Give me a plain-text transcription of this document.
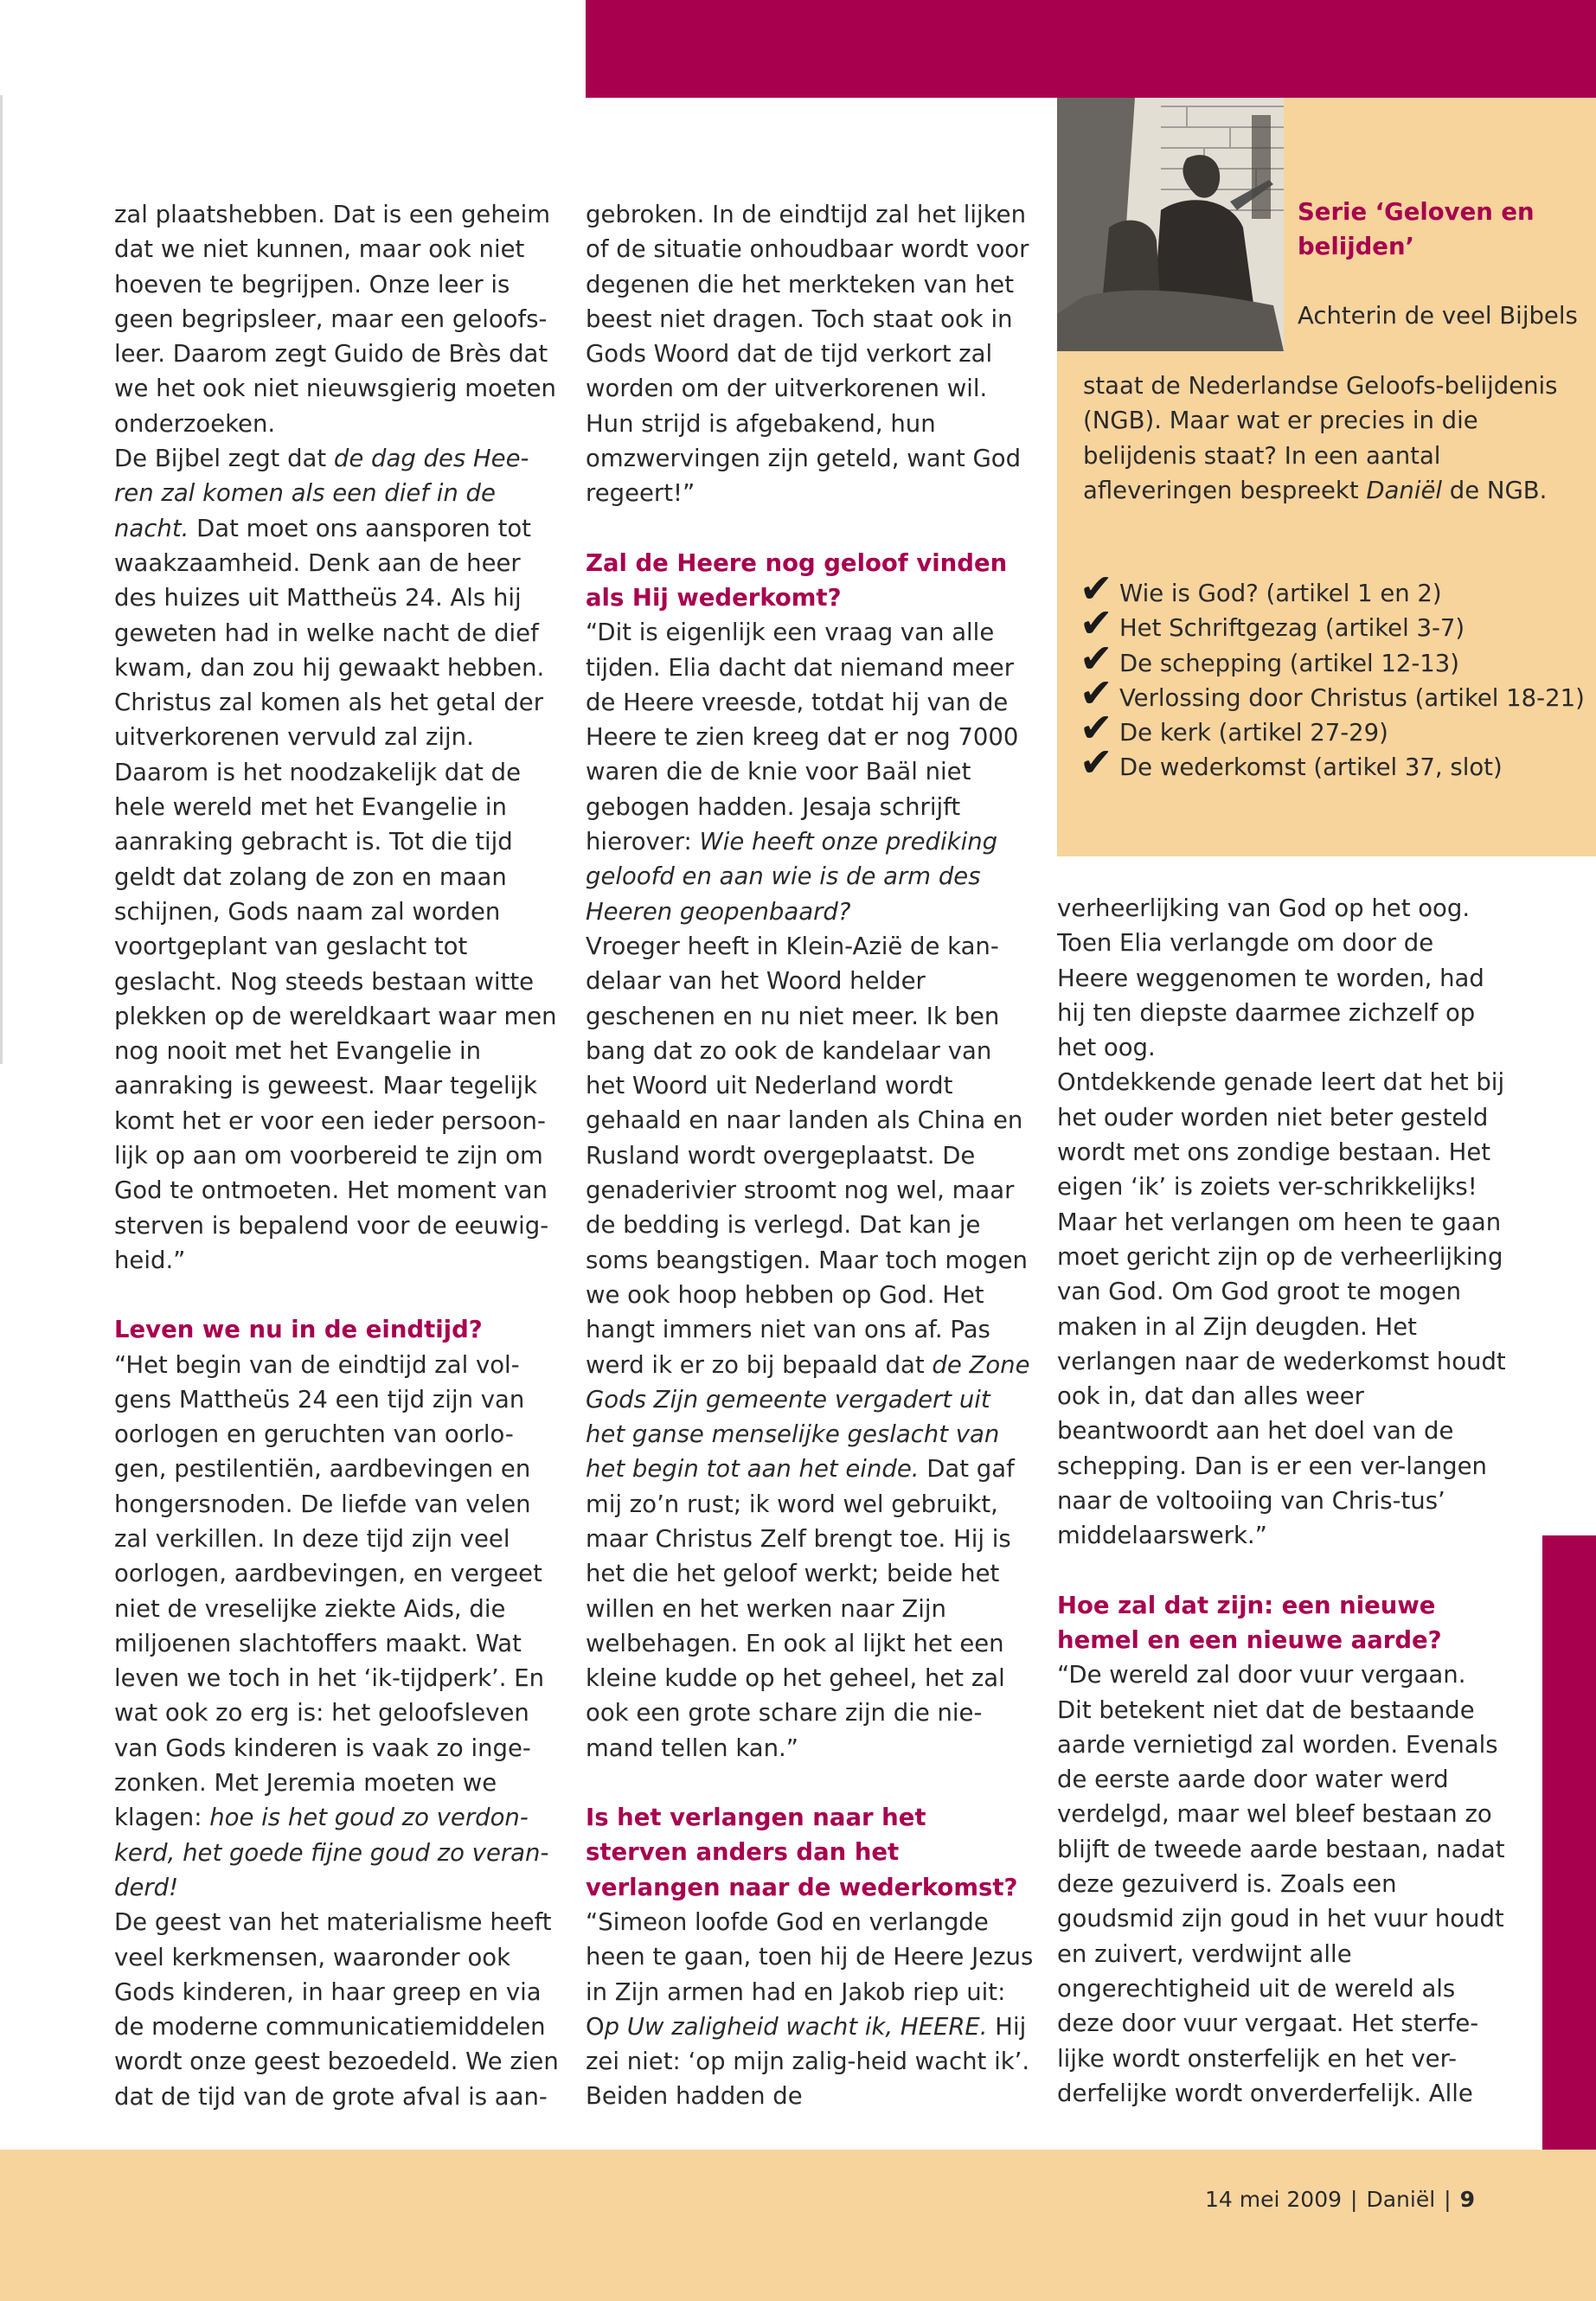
zal plaatshebben. Dat is een geheim dat we niet kunnen, maar ook niet hoeven te begrijpen. Onze leer is geen begripsleer, maar een geloofs-leer. Daarom zegt Guido de Brès dat we het ook niet nieuwsgierig moeten onderzoeken.

De Bijbel zegt dat de dag des Hee-ren zal komen als een dief in de nacht. Dat moet ons aansporen tot waakzaamheid. Denk aan de heer des huizes uit Mattheüs 24. Als hij geweten had in welke nacht de dief kwam, dan zou hij gewaakt hebben. Christus zal komen als het getal der uitverkorenen vervuld zal zijn. Daarom is het noodzakelijk dat de hele wereld met het Evangelie in aanraking gebracht is. Tot die tijd geldt dat zolang de zon en maan schijnen, Gods naam zal worden voortgeplant van geslacht tot geslacht. Nog steeds bestaan witte plekken op de wereldkaart waar men nog nooit met het Evangelie in aanraking is geweest. Maar tegelijk komt het er voor een ieder persoon-lijk op aan om voorbereid te zijn om God te ontmoeten. Het moment van sterven is bepalend voor de eeuwig-heid.”

Leven we nu in de eindtijd?

“Het begin van de eindtijd zal vol-gens Mattheüs 24 een tijd zijn van oorlogen en geruchten van oorlo-gen, pestilentiën, aardbevingen en hongersnoden. De liefde van velen zal verkillen. In deze tijd zijn veel oorlogen, aardbevingen, en vergeet niet de vreselijke ziekte Aids, die miljoenen slachtoffers maakt. Wat leven we toch in het ‘ik-tijdperk’. En wat ook zo erg is: het geloofsleven van Gods kinderen is vaak zo inge-zonken. Met Jeremia moeten we klagen: hoe is het goud zo verdon-kerd, het goede fijne goud zo veran-derd!

De geest van het materialisme heeft veel kerkmensen, waaronder ook Gods kinderen, in haar greep en via de moderne communicatiemiddelen wordt onze geest bezoedeld. We zien dat de tijd van de grote afval is aan-

gebroken. In de eindtijd zal het lijken of de situatie onhoudbaar wordt voor degenen die het merkteken van het beest niet dragen. Toch staat ook in Gods Woord dat de tijd verkort zal worden om der uitverkorenen wil. Hun strijd is afgebakend, hun omzwervingen zijn geteld, want God regeert!”

Zal de Heere nog geloof vinden als Hij wederkomt?

“Dit is eigenlijk een vraag van alle tijden. Elia dacht dat niemand meer de Heere vreesde, totdat hij van de Heere te zien kreeg dat er nog 7000 waren die de knie voor Baäl niet gebogen hadden. Jesaja schrijft hierover: Wie heeft onze prediking geloofd en aan wie is de arm des Heeren geopenbaard?

Vroeger heeft in Klein-Azië de kan-delaar van het Woord helder geschenen en nu niet meer. Ik ben bang dat zo ook de kandelaar van het Woord uit Nederland wordt gehaald en naar landen als China en Rusland wordt overgeplaatst. De genaderivier stroomt nog wel, maar de bedding is verlegd. Dat kan je soms beangstigen. Maar toch mogen we ook hoop hebben op God. Het hangt immers niet van ons af. Pas werd ik er zo bij bepaald dat de Zone Gods Zijn gemeente vergadert uit het ganse menselijke geslacht van het begin tot aan het einde. Dat gaf mij zo’n rust; ik word wel gebruikt, maar Christus Zelf brengt toe. Hij is het die het geloof werkt; beide het willen en het werken naar Zijn welbehagen. En ook al lijkt het een kleine kudde op het geheel, het zal ook een grote schare zijn die nie-mand tellen kan.”

Is het verlangen naar het sterven anders dan het verlangen naar de wederkomst?

“Simeon loofde God en verlangde heen te gaan, toen hij de Heere Jezus in Zijn armen had en Jakob riep uit: Op Uw zaligheid wacht ik, HEERE. Hij zei niet: ‘op mijn zalig-heid wacht ik’. Beiden hadden de

Serie ‘Geloven en belijden’
Achterin de veel Bijbels
staat de Nederlandse Geloofs-belijdenis (NGB). Maar wat er precies in die belijdenis staat? In een aantal afleveringen bespreekt Daniël de NGB.
✔ Wie is God? (artikel 1 en 2)
✔ Het Schriftgezag (artikel 3-7)
✔ De schepping (artikel 12-13)
✔ Verlossing door Christus (artikel 18-21)
✔ De kerk (artikel 27-29)
✔ De wederkomst (artikel 37, slot)

verheerlijking van God op het oog. Toen Elia verlangde om door de Heere weggenomen te worden, had hij ten diepste daarmee zichzelf op het oog.

Ontdekkende genade leert dat het bij het ouder worden niet beter gesteld wordt met ons zondige bestaan. Het eigen ‘ik’ is zoiets ver-schrikkelijks! Maar het verlangen om heen te gaan moet gericht zijn op de verheerlijking van God. Om God groot te mogen maken in al Zijn deugden. Het verlangen naar de wederkomst houdt ook in, dat dan alles weer beantwoordt aan het doel van de schepping. Dan is er een ver-langen naar de voltooiing van Chris-tus’ middelaarswerk.”

Hoe zal dat zijn: een nieuwe hemel en een nieuwe aarde?

“De wereld zal door vuur vergaan. Dit betekent niet dat de bestaande aarde vernietigd zal worden. Evenals de eerste aarde door water werd verdelgd, maar wel bleef bestaan zo blijft de tweede aarde bestaan, nadat deze gezuiverd is. Zoals een goudsmid zijn goud in het vuur houdt en zuivert, verdwijnt alle ongerechtigheid uit de wereld als deze door vuur vergaat. Het sterfe-lijke wordt onsterfelijk en het ver-derfelijke wordt onverderfelijk. Alle

14 mei 2009 | Daniël | 9
